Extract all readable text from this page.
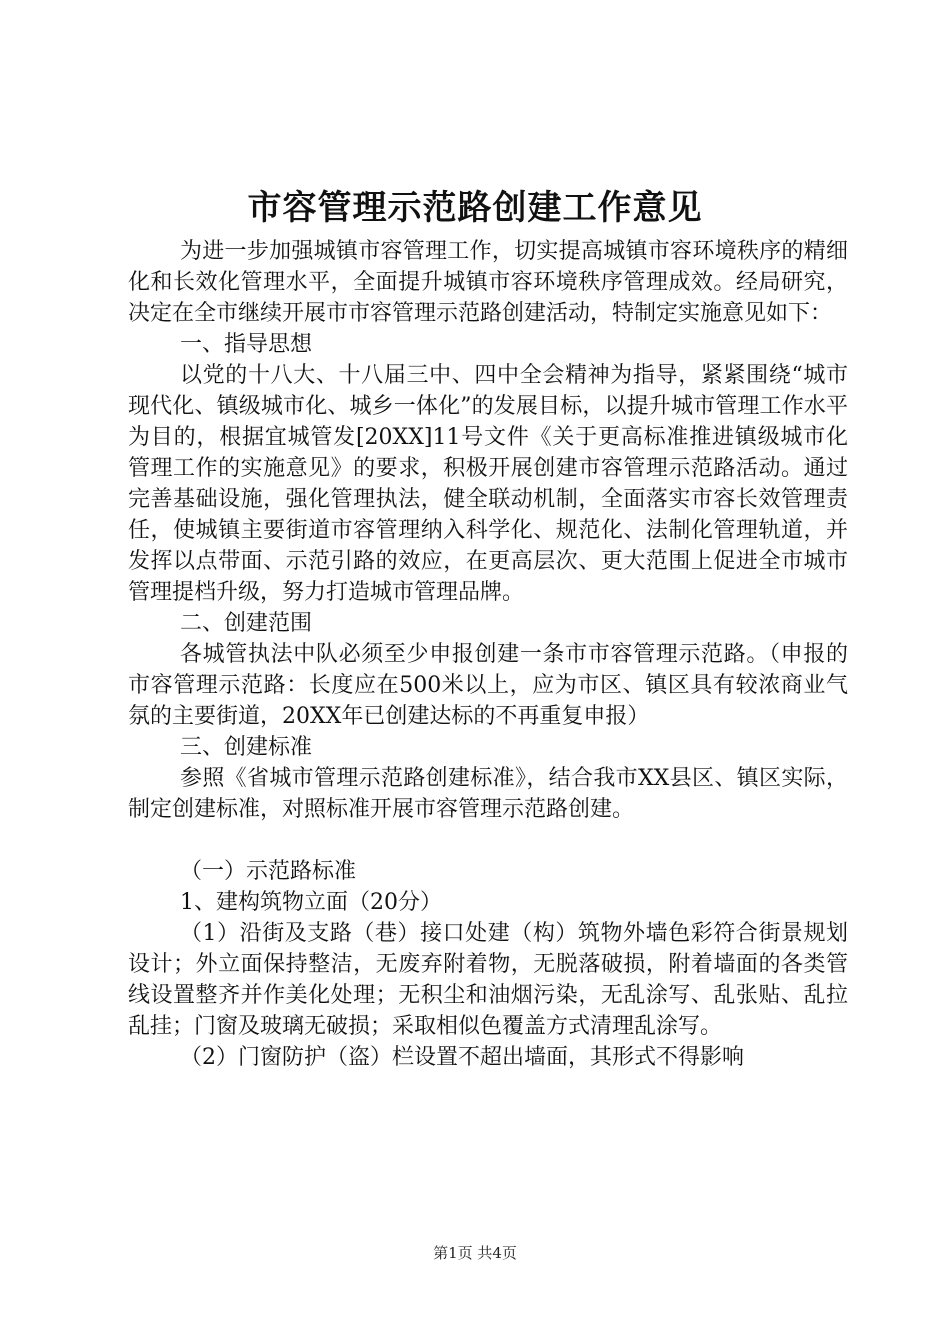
市容管理示范路创建工作意见

为进一步加强城镇市容管理工作，切实提高城镇市容环境秩序的精细化和长效化管理水平，全面提升城镇市容环境秩序管理成效。经局研究，决定在全市继续开展市市容管理示范路创建活动，特制定实施意见如下：

一、指导思想

以党的十八大、十八届三中、四中全会精神为指导，紧紧围绕“城市现代化、镇级城市化、城乡一体化”的发展目标，以提升城市管理工作水平为目的，根据宜城管发[20XX]11号文件《关于更高标准推进镇级城市化管理工作的实施意见》的要求，积极开展创建市容管理示范路活动。通过完善基础设施，强化管理执法，健全联动机制，全面落实市容长效管理责任，使城镇主要街道市容管理纳入科学化、规范化、法制化管理轨道，并发挥以点带面、示范引路的效应，在更高层次、更大范围上促进全市城市管理提档升级，努力打造城市管理品牌。

二、创建范围

各城管执法中队必须至少申报创建一条市市容管理示范路。（申报的市容管理示范路：长度应在500米以上，应为市区、镇区具有较浓商业气氛的主要街道，20XX年已创建达标的不再重复申报）

三、创建标准

参照《省城市管理示范路创建标准》，结合我市XX县区、镇区实际，制定创建标准，对照标准开展市容管理示范路创建。

（一）示范路标准

1、建构筑物立面（20分）

（1）沿街及支路（巷）接口处建（构）筑物外墙色彩符合街景规划设计；外立面保持整洁，无废弃附着物，无脱落破损，附着墙面的各类管线设置整齐并作美化处理；无积尘和油烟污染，无乱涂写、乱张贴、乱拉乱挂；门窗及玻璃无破损；采取相似色覆盖方式清理乱涂写。

（2）门窗防护（盗）栏设置不超出墙面，其形式不得影响

第1页 共4页
